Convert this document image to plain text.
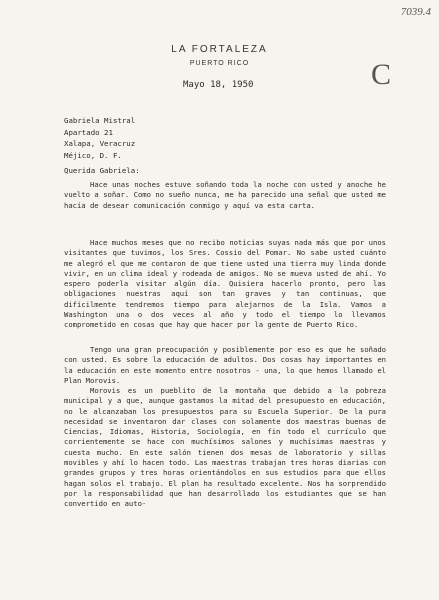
7039.4
C
LA FORTALEZA
PUERTO RICO
Mayo 18, 1950
Gabriela Mistral
Apartado 21
Xalapa, Veracruz
Méjico, D. F.
Querida Gabriela:

Hace unas noches estuve soñando toda la noche con usted y anoche he vuelto a soñar. Como no sueño nunca, me ha parecido una señal que usted me hacía de desear comunicación conmigo y aquí va esta carta.

Hace muchos meses que no recibo noticias suyas nada más que por unos visitantes que tuvimos, los Sres. Cossio del Pomar. No sabe usted cuánto me alegró el que me contaron de que tiene usted una tierra muy linda donde vivir, en un clima ideal y rodeada de amigos. No se mueva usted de ahí. Yo espero poderla visitar algún día. Quisiera hacerlo pronto, pero las obligaciones nuestras aquí son tan graves y tan continuas, que difícilmente tendremos tiempo para alejarnos de la Isla. Vamos a Washington una o dos veces al año y todo el tiempo lo llevamos comprometido en cosas que hay que hacer por la gente de Puerto Rico.

Tengo una gran preocupación y posiblemente por eso es que he soñado con usted. Es sobre la educación de adultos. Dos cosas hay importantes en la educación en este momento entre nosotros - una, lo que hemos llamado el Plan Morovis.

Morovis es un pueblito de la montaña que debido a la pobreza municipal y a que, aunque gastamos la mitad del presupuesto en educación, no le alcanzaban los presupuestos para su Escuela Superior. De la pura necesidad se inventaron dar clases con solamente dos maestras buenas de Ciencias, Idiomas, Historia, Sociología, en fin todo el currículo que corrientemente se hace con muchísimos salones y muchísimas maestras y cuesta mucho. En este salón tienen dos mesas de laboratorio y sillas movibles y ahí lo hacen todo. Las maestras trabajan tres horas diarias con grandes grupos y tres horas orientándolos en sus estudios para que ellos hagan solos el trabajo. El plan ha resultado excelente. Nos ha sorprendido por la responsabilidad que han desarrollado los estudiantes que se han convertido en auto-
